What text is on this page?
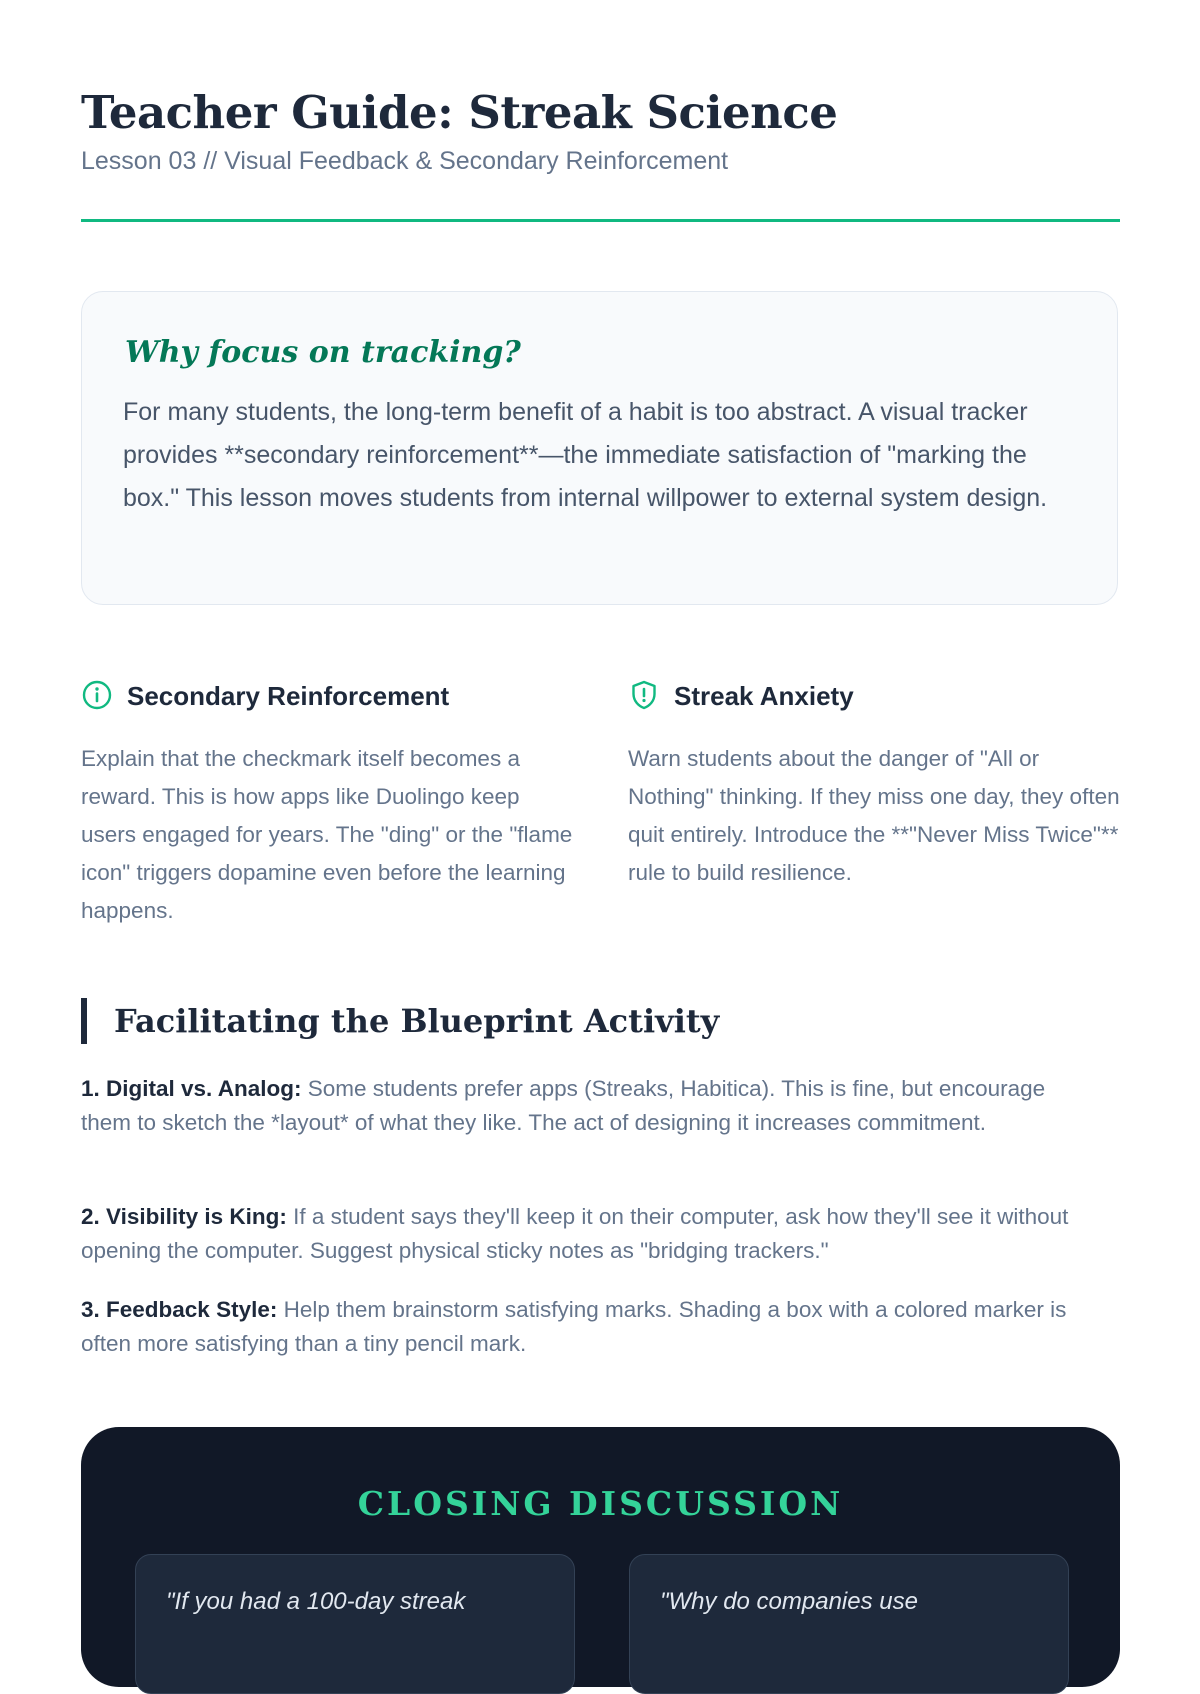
Teacher Guide: Streak Science
Lesson 03 // Visual Feedback & Secondary Reinforcement
Why focus on tracking?

For many students, the long-term benefit of a habit is too abstract. A visual tracker provides **secondary reinforcement**—the immediate satisfaction of "marking the box." This lesson moves students from internal willpower to external system design.

Secondary Reinforcement

Explain that the checkmark itself becomes a reward. This is how apps like Duolingo keep users engaged for years. The "ding" or the "flame icon" triggers dopamine even before the learning happens.

Streak Anxiety

Warn students about the danger of "All or Nothing" thinking. If they miss one day, they often quit entirely. Introduce the **"Never Miss Twice"** rule to build resilience.

Facilitating the Blueprint Activity

1. Digital vs. Analog: Some students prefer apps (Streaks, Habitica). This is fine, but encourage them to sketch the *layout* of what they like. The act of designing it increases commitment.

2. Visibility is King: If a student says they'll keep it on their computer, ask how they'll see it without opening the computer. Suggest physical sticky notes as "bridging trackers."

3. Feedback Style: Help them brainstorm satisfying marks. Shading a box with a colored marker is often more satisfying than a tiny pencil mark.

CLOSING DISCUSSION

"If you had a 100-day streak	"Why do companies use
